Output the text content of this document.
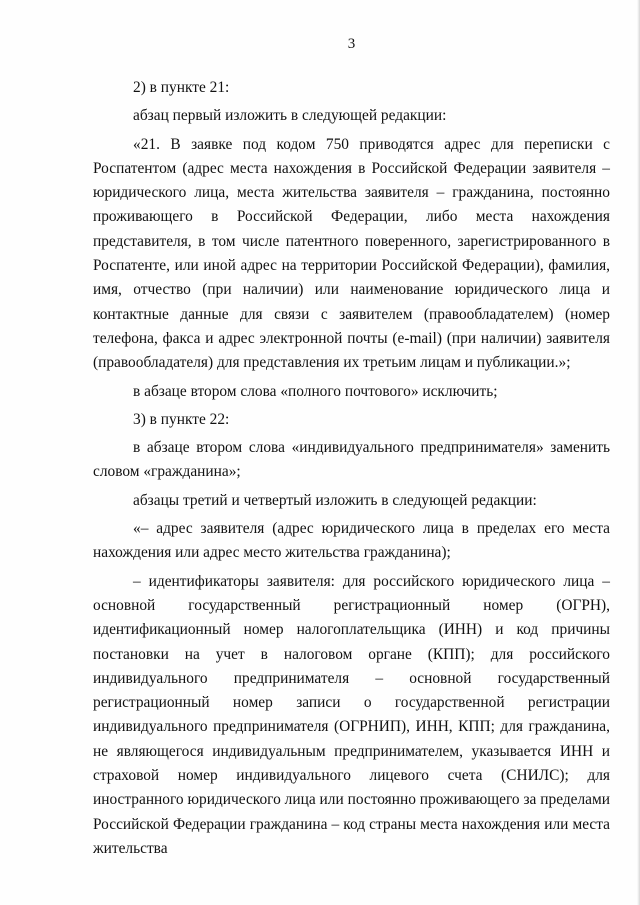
3

2) в пункте 21:

абзац первый изложить в следующей редакции:

«21. В заявке под кодом 750 приводятся адрес для переписки с Роспатентом (адрес места нахождения в Российской Федерации заявителя – юридического лица, места жительства заявителя – гражданина, постоянно проживающего в Российской Федерации, либо места нахождения представителя, в том числе патентного поверенного, зарегистрированного в Роспатенте, или иной адрес на территории Российской Федерации), фамилия, имя, отчество (при наличии) или наименование юридического лица и контактные данные для связи с заявителем (правообладателем) (номер телефона, факса и адрес электронной почты (e-mail) (при наличии) заявителя (правообладателя) для представления их третьим лицам и публикации.»;

в абзаце втором слова «полного почтового» исключить;

3) в пункте 22:

в абзаце втором слова «индивидуального предпринимателя» заменить словом «гражданина»;

абзацы третий и четвертый изложить в следующей редакции:

«– адрес заявителя (адрес юридического лица в пределах его места нахождения или адрес место жительства гражданина);

– идентификаторы заявителя: для российского юридического лица – основной государственный регистрационный номер (ОГРН), идентификационный номер налогоплательщика (ИНН) и код причины постановки на учет в налоговом органе (КПП); для российского индивидуального предпринимателя – основной государственный регистрационный номер записи о государственной регистрации индивидуального предпринимателя (ОГРНИП), ИНН, КПП; для гражданина, не являющегося индивидуальным предпринимателем, указывается ИНН и страховой номер индивидуального лицевого счета (СНИЛС); для иностранного юридического лица или постоянно проживающего за пределами Российской Федерации гражданина – код страны места нахождения или места жительства
